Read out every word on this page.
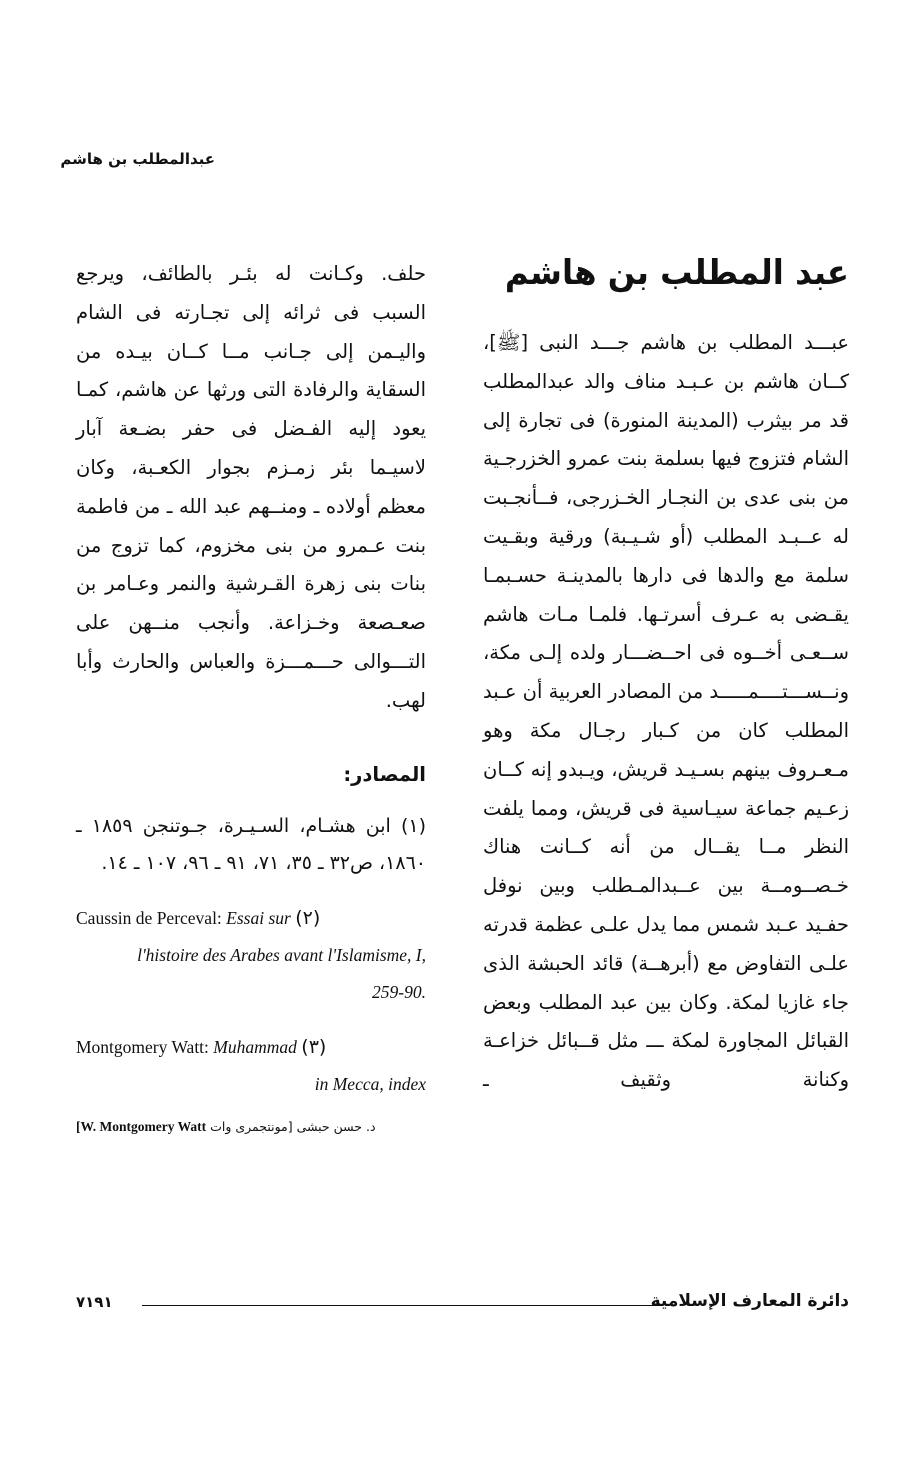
عبدالمطلب بن هاشم
عبد المطلب بن هاشم

عبـــد المطلب بن هاشم جـــد النبى [ﷺ]، كــان هاشم بن عـبـد مناف والد عبدالمطلب قد مر بيثرب (المدينة المنورة) فى تجارة إلى الشام فتزوج فيها بسلمة بنت عمرو الخزرجـية من بنى عدى بن النجـار الخـزرجى، فــأنجـبت له عــبـد المطلب (أو شـيـبة) ورقية وبقـيت سلمة مع والدها فى دارها بالمدينـة حسـبمـا يقـضى به عـرف أسرتـها. فلمـا مـات هاشم ســعـى أخــوه فى احــضـــار ولده إلـى مكة، ونــســـتــــمـــــد من المصادر العربية أن عـبد المطلب كان من كـبار رجـال مكة وهو مـعـروف بينهم بسـيـد قريش، ويـبدو إنه كــان زعـيم جماعة سيـاسية فى قريش، ومما يلفت النظر مــا يقــال من أنه كــانت هناك خـصــومــة بين عــبدالمـطلب وبين نوفل حفـيد عـبد شمس مما يدل علـى عظمة قدرته علـى التفاوض مع (أبرهــة) قائد الحبشة الذى جاء غازيا لمكة. وكان بين عبد المطلب وبعض القبائل المجاورة لمكة ـــ مثل قــبائل خزاعـة وكنانة وثقيف ـ

حلف. وكـانت له بئـر بالطائف، ويرجع السبب فى ثرائه إلى تجـارته فى الشام واليـمن إلى جـانب مــا كــان بيـده من السقاية والرفادة التى ورثها عن هاشم، كمـا يعود إليه الفـضل فى حفر بضـعة آبار لاسيـما بئر زمـزم بجوار الكعـبة، وكان معظم أولاده ـ ومنــهم عبد الله ـ من فاطمة بنت عـمرو من بنى مخزوم، كما تزوج من بنات بنى زهرة القـرشية والنمر وعـامر بن صعـصعة وخـزاعة. وأنجب منــهن على التـــوالى حـــمـــزة والعباس والحارث وأبا لهب.

المصادر:

(١) ابن هشـام، السـيـرة، جـوتنجن ١٨٥٩ ـ ١٨٦٠، ص٣٢ ـ ٣٥، ٧١، ٩١ ـ ٩٦، ١٠٧ ـ ١٤.

Caussin de Perceval: Essai sur (٢)
l'histoire des Arabes avant l'Islamisme, I,
259-90.
Montgomery Watt: Muhammad (٣)
in Mecca, index
[W. Montgomery Watt د. حسن حبشى [مونتجمرى وات
دائرة المعارف الإسلامية
٧١٩١
